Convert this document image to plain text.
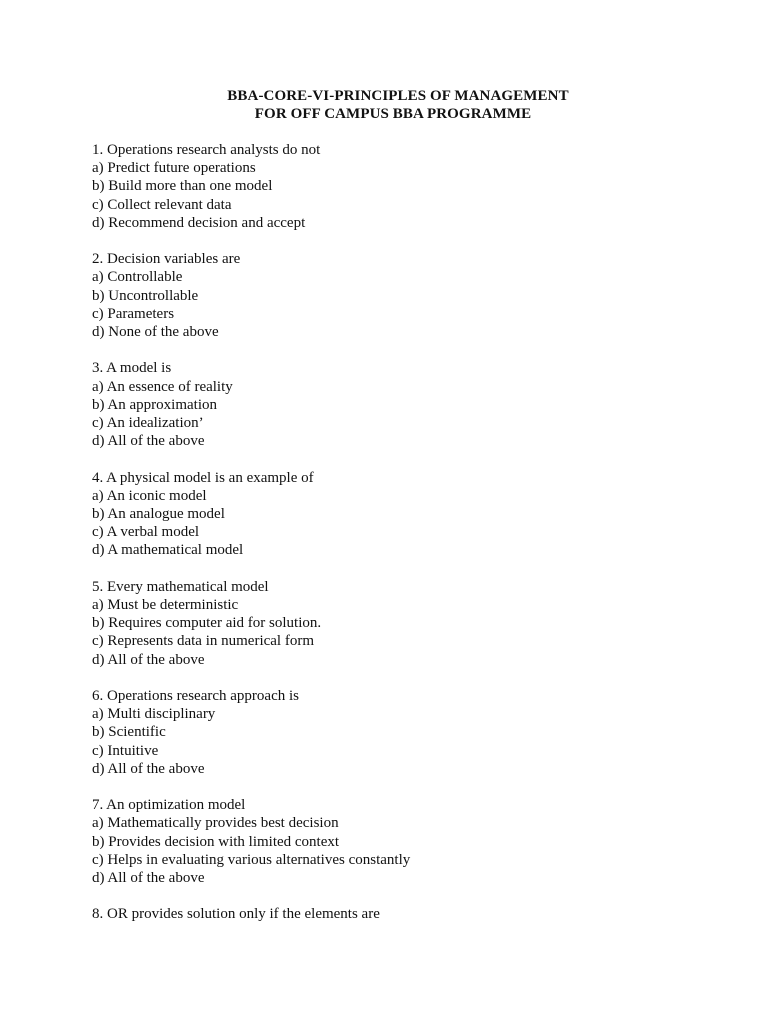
BBA-CORE-VI-PRINCIPLES OF MANAGEMENT
FOR OFF CAMPUS BBA PROGRAMME
1. Operations research analysts do not
a) Predict future operations
b) Build more than one model
c) Collect relevant data
d) Recommend decision and accept
2. Decision variables are
a) Controllable
b) Uncontrollable
c) Parameters
d) None of the above
3. A model is
a) An essence of reality
b) An approximation
c) An idealization’
d) All of the above
4. A physical model is an example of
a) An iconic model
b) An analogue model
c) A verbal model
d) A mathematical model
5. Every mathematical model
a) Must be deterministic
b) Requires computer aid for solution.
c) Represents data in numerical form
d) All of the above
6. Operations research approach is
a) Multi disciplinary
b) Scientific
c) Intuitive
d) All of the above
7. An optimization model
a) Mathematically provides best decision
b) Provides decision with limited context
c) Helps in evaluating various alternatives constantly
d) All of the above
8. OR provides solution only if the elements are
